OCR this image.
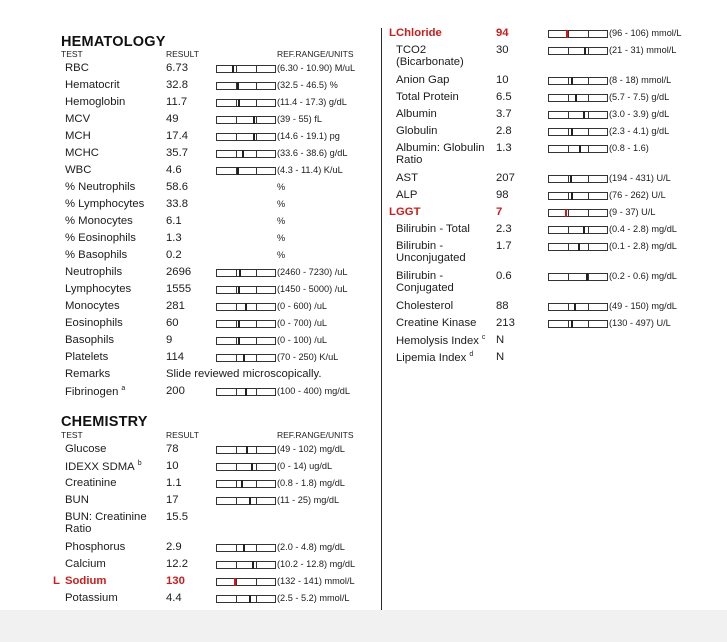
HEMATOLOGY
TEST	RESULT	REF.RANGE/UNITS
RBC	6.73	(6.30 - 10.90) M/uL
Hematocrit	32.8	(32.5 - 46.5) %
Hemoglobin	11.7	(11.4 - 17.3) g/dL
MCV	49	(39 - 55) fL
MCH	17.4	(14.6 - 19.1) pg
MCHC	35.7	(33.6 - 38.6) g/dL
WBC	4.6	(4.3 - 11.4) K/uL
% Neutrophils	58.6	%
% Lymphocytes 33.8	%
% Monocytes	6.1	%
% Eosinophils	1.3	%
% Basophils	0.2	%
Neutrophils	2696	(2460 - 7230) /uL
Lymphocytes	1555	(1450 - 5000) /uL
Monocytes	281	(0 - 600) /uL
Eosinophils	60	(0 - 700) /uL
Basophils	9	(0 - 100) /uL
Platelets	114	(70 - 250) K/uL
Remarks	Slide reviewed microscopically.
Fibrinogen $^a$	200	(100 - 400) mg/dL
CHEMISTRY
TEST	RESULT	REF.RANGE/UNITS
Glucose	78	(49 - 102) mg/dL
IDEXX SDMA $^b$ 10	(0 - 14) ug/dL
Creatinine	1.1	(0.8 - 1.8) mg/dL
BUN	17	(11 - 25) mg/dL
BUN: Creatinine Ratio
15.5
Phosphorus	2.9	(2.0 - 4.8) mg/dL
Calcium	12.2	(10.2 - 12.8) mg/dL
L Sodium	130	(132 - 141) mmol/L
Potassium	4.4	(2.5 - 5.2) mmol/L
L Chloride	94	(96 - 106) mmol/L
TCO2 (Bicarbonate)
30	(21 - 31) mmol/L
Anion Gap	10	(8 - 18) mmol/L
Total Protein	6.5	(5.7 - 7.5) g/dL
Albumin	3.7	(3.0 - 3.9) g/dL
Globulin	2.8	(2.3 - 4.1) g/dL
Albumin: Globulin Ratio
1.3	(0.8 - 1.6)
AST	207	(194 - 431) U/L
ALP	98	(76 - 262) U/L
L GGT	7	(9 - 37) U/L
Bilirubin - Total 2.3	(0.4 - 2.8) mg/dL
Bilirubin - Unconjugated
1.7	(0.1 - 2.8) mg/dL
Bilirubin - Conjugated
0.6	(0.2 - 0.6) mg/dL
Cholesterol	88	(49 - 150) mg/dL
Creatine Kinase 213	(130 - 497) U/L
Hemolysis Index $^c$ N
Lipemia Index $^d$ N
